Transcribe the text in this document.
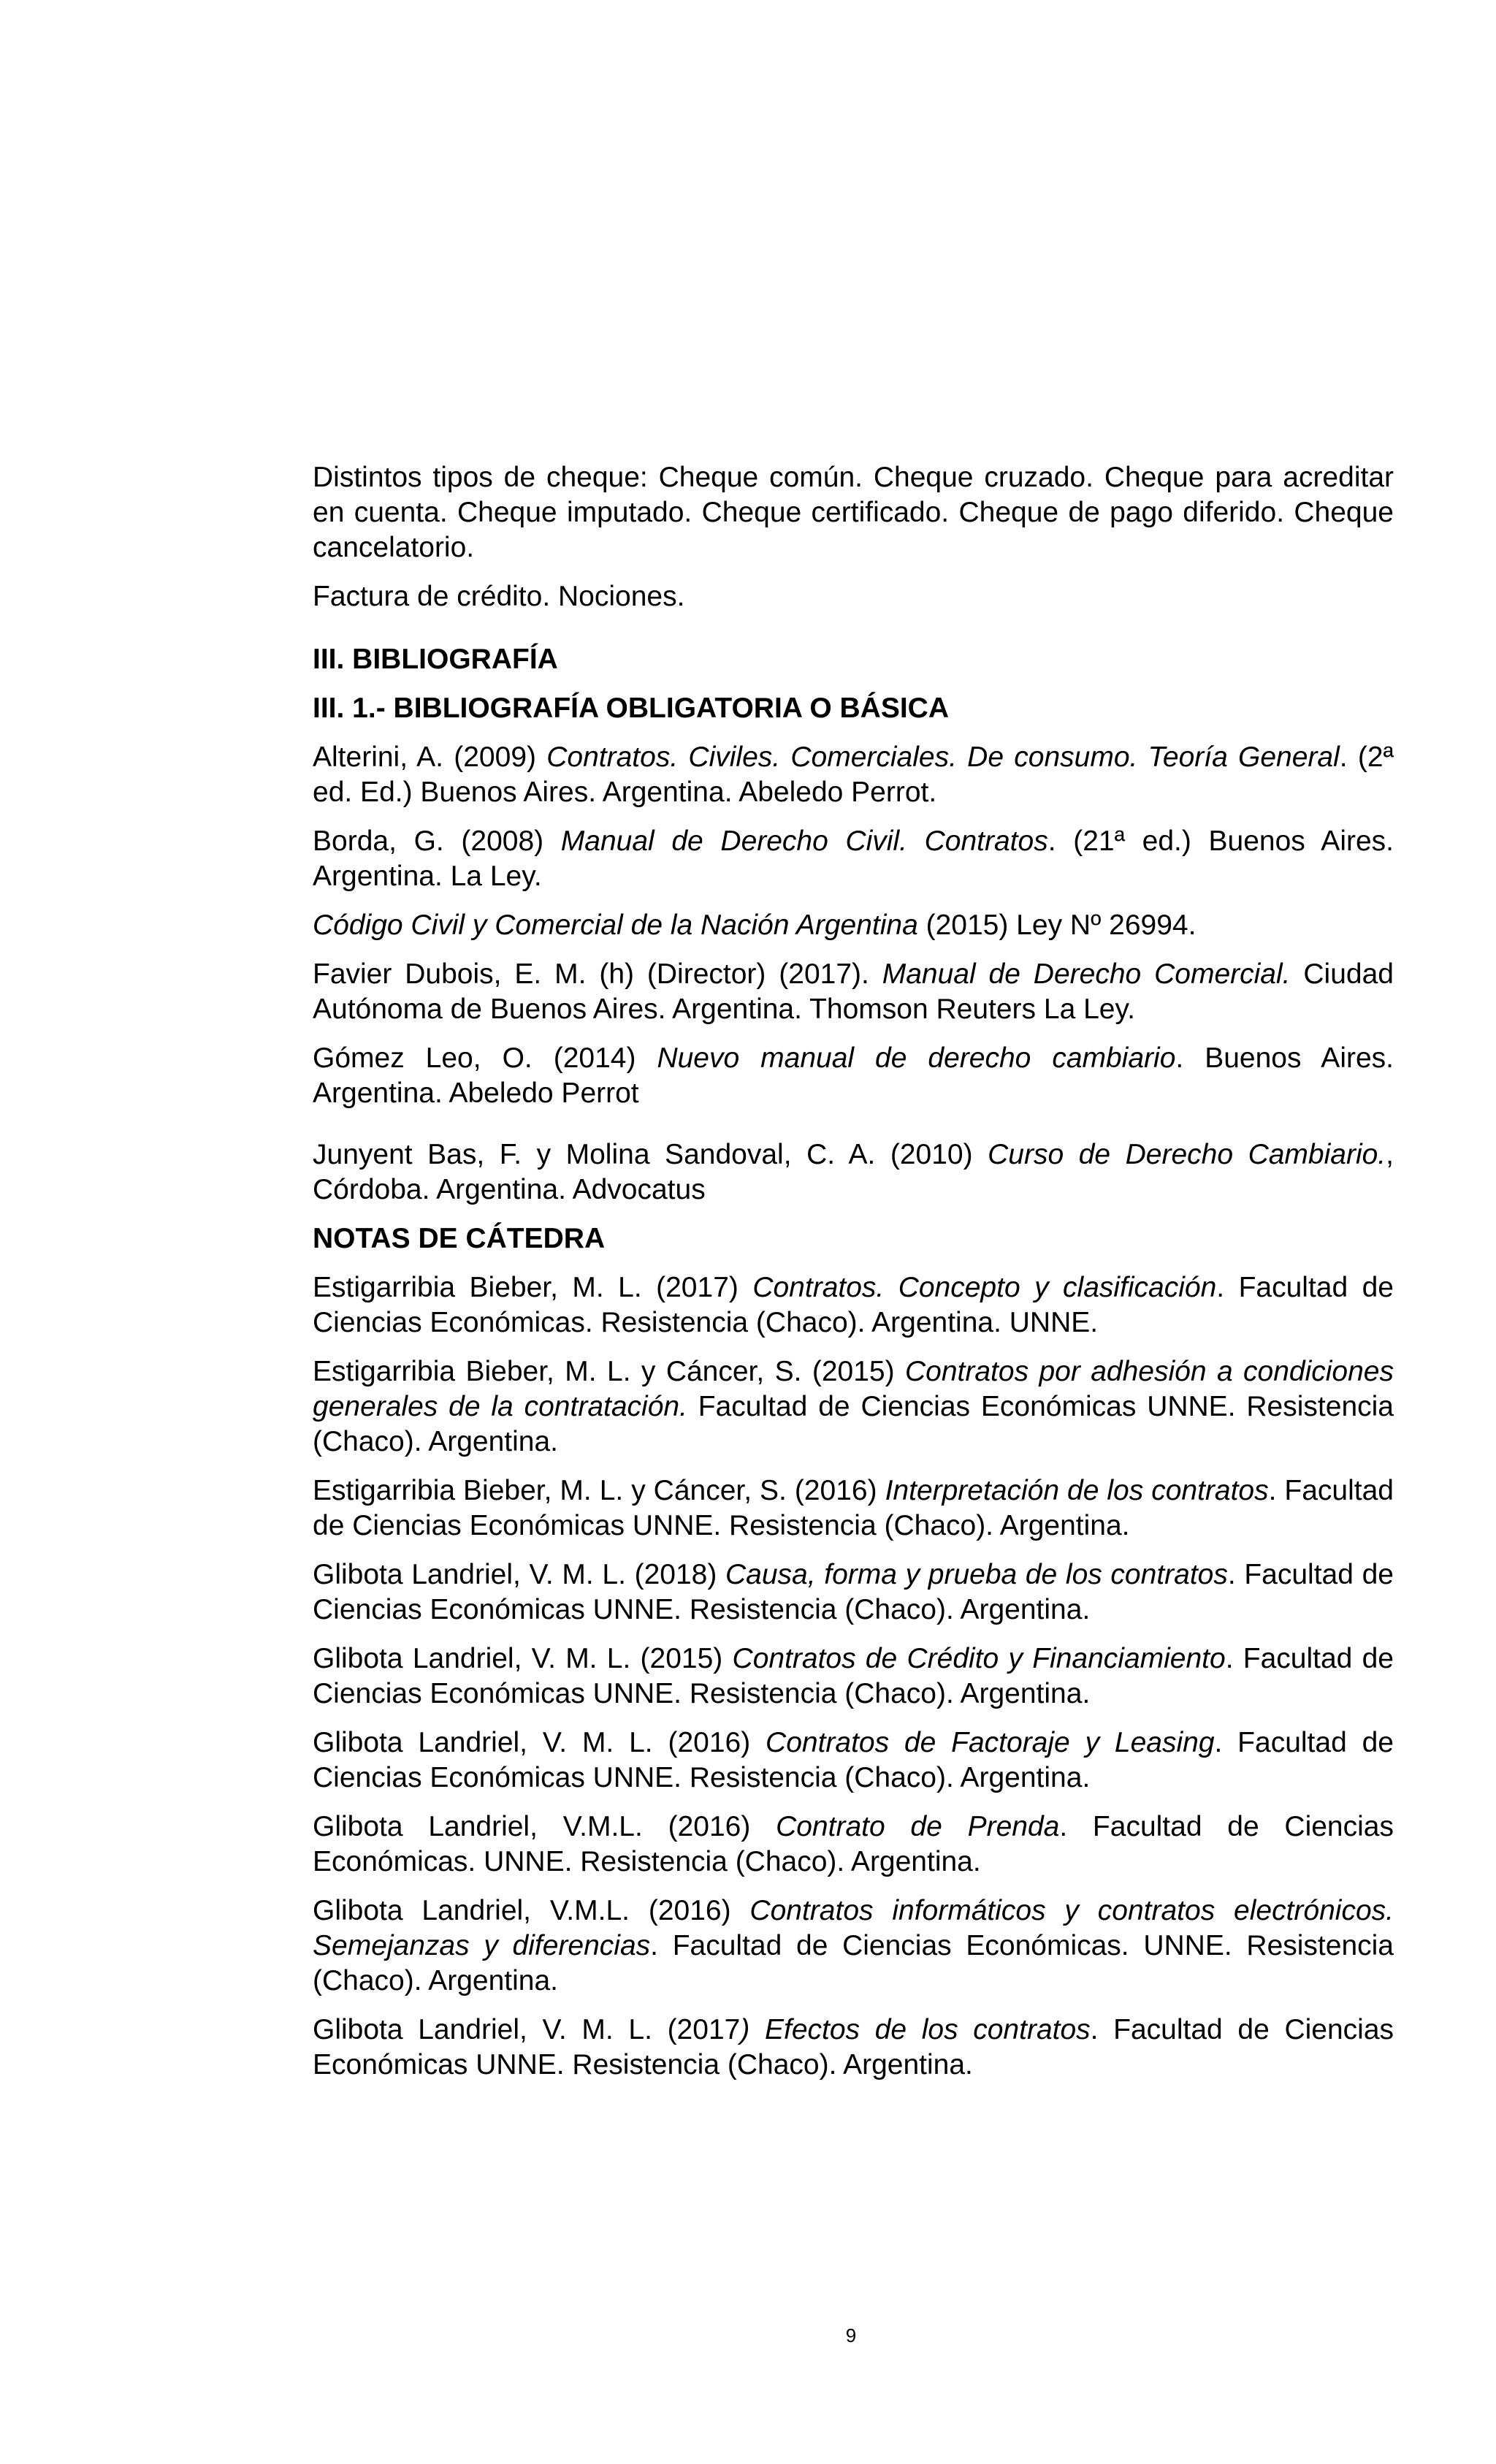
Distintos tipos de cheque: Cheque común. Cheque cruzado. Cheque para acreditar en cuenta. Cheque imputado. Cheque certificado. Cheque de pago diferido. Cheque cancelatorio.

Factura de crédito. Nociones.

III. BIBLIOGRAFÍA
III. 1.- BIBLIOGRAFÍA OBLIGATORIA O BÁSICA

Alterini, A. (2009) Contratos. Civiles. Comerciales. De consumo. Teoría General. (2ª ed. Ed.) Buenos Aires. Argentina. Abeledo Perrot.

Borda, G. (2008) Manual de Derecho Civil. Contratos. (21ª ed.) Buenos Aires. Argentina. La Ley.

Código Civil y Comercial de la Nación Argentina (2015) Ley Nº 26994.

Favier Dubois, E. M. (h) (Director) (2017). Manual de Derecho Comercial. Ciudad Autónoma de Buenos Aires. Argentina. Thomson Reuters La Ley.

Gómez Leo, O. (2014) Nuevo manual de derecho cambiario. Buenos Aires. Argentina. Abeledo Perrot

Junyent Bas, F. y Molina Sandoval, C. A. (2010) Curso de Derecho Cambiario., Córdoba. Argentina. Advocatus

NOTAS DE CÁTEDRA

Estigarribia Bieber, M. L. (2017) Contratos. Concepto y clasificación. Facultad de Ciencias Económicas. Resistencia (Chaco). Argentina. UNNE.

Estigarribia Bieber, M. L. y Cáncer, S. (2015) Contratos por adhesión a condiciones generales de la contratación. Facultad de Ciencias Económicas UNNE. Resistencia (Chaco). Argentina.

Estigarribia Bieber, M. L. y Cáncer, S. (2016) Interpretación de los contratos. Facultad de Ciencias Económicas UNNE. Resistencia (Chaco). Argentina.

Glibota Landriel, V. M. L. (2018) Causa, forma y prueba de los contratos. Facultad de Ciencias Económicas UNNE. Resistencia (Chaco). Argentina.

Glibota Landriel, V. M. L. (2015) Contratos de Crédito y Financiamiento. Facultad de Ciencias Económicas UNNE. Resistencia (Chaco). Argentina.

Glibota Landriel, V. M. L. (2016) Contratos de Factoraje y Leasing. Facultad de Ciencias Económicas UNNE. Resistencia (Chaco). Argentina.

Glibota Landriel, V.M.L. (2016) Contrato de Prenda. Facultad de Ciencias Económicas. UNNE. Resistencia (Chaco). Argentina.

Glibota Landriel, V.M.L. (2016) Contratos informáticos y contratos electrónicos. Semejanzas y diferencias. Facultad de Ciencias Económicas. UNNE. Resistencia (Chaco). Argentina.

Glibota Landriel, V. M. L. (2017) Efectos de los contratos. Facultad de Ciencias Económicas UNNE. Resistencia (Chaco). Argentina.

9
